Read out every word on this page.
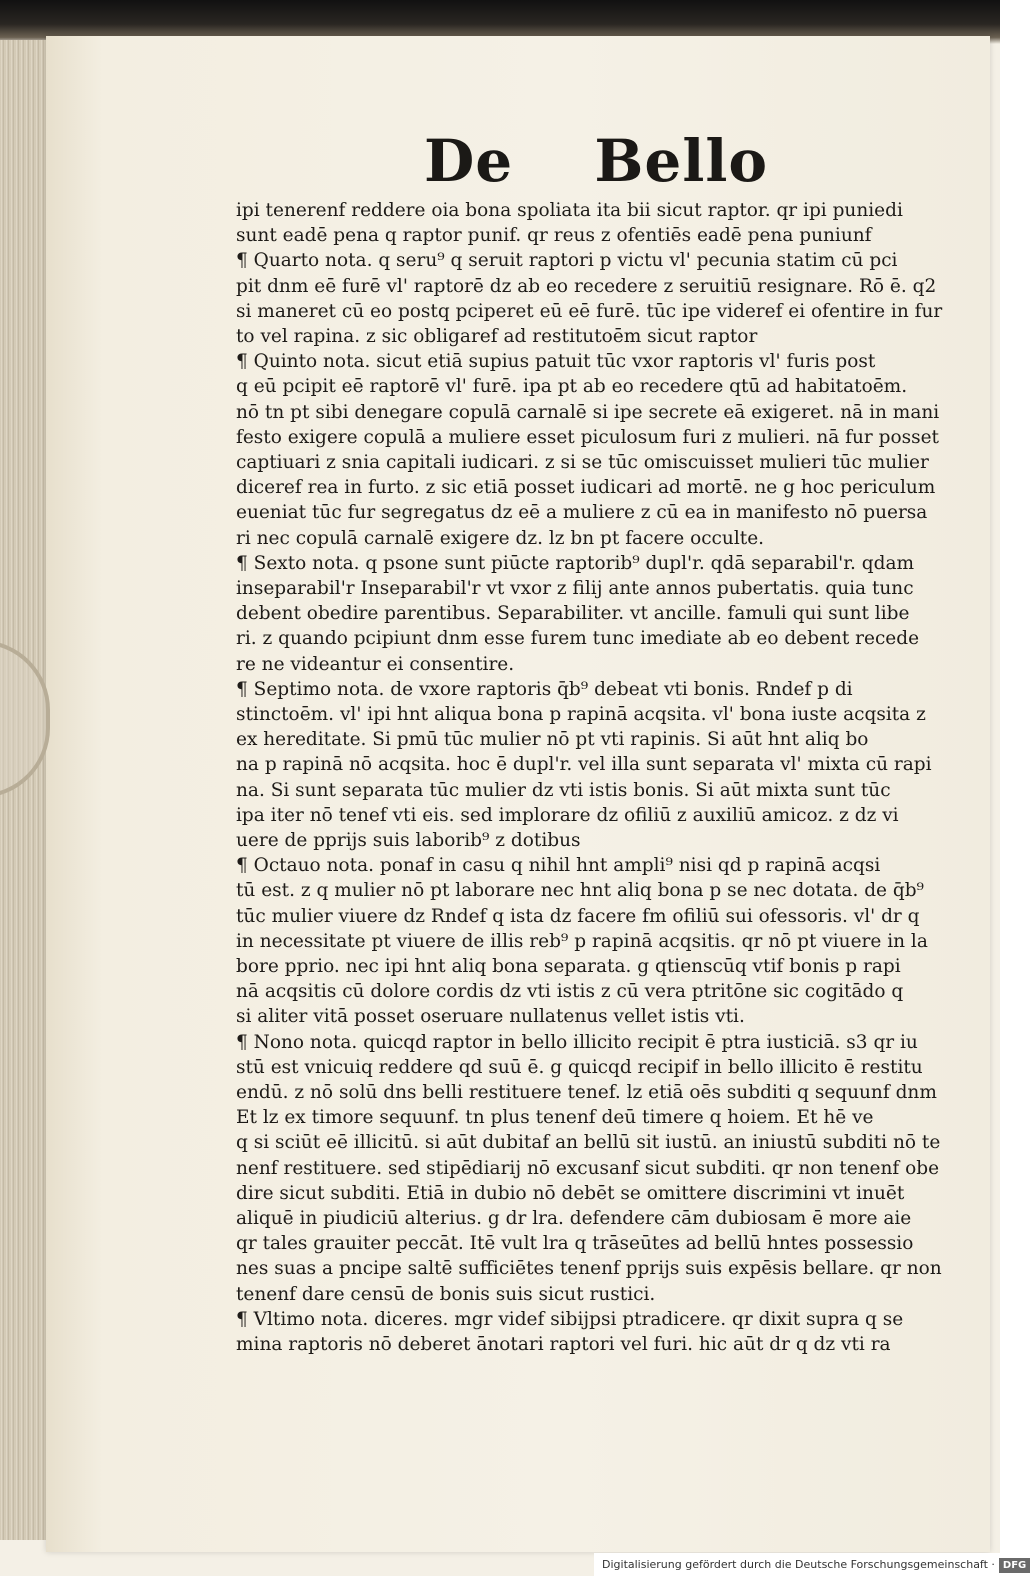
De Bello
ipi tenerenf reddere oia bona spoliata ita bii sicut raptor. qr ipi puniedi
sunt eadē pena q raptor punif. qr reus z ofentiēs eadē pena puniunf
¶ Quarto nota. q seru⁹ q seruit raptori p victu vl' pecunia statim cū pci
pit dnm eē furē vl' raptorē dz ab eo recedere z seruitiū resignare. Rō ē. q2
si maneret cū eo postq pciperet eū eē furē. tūc ipe videref ei ofentire in fur
to vel rapina. z sic obligaref ad restitutoēm sicut raptor
¶ Quinto nota. sicut etiā supius patuit tūc vxor raptoris vl' furis post
q eū pcipit eē raptorē vl' furē. ipa pt ab eo recedere qtū ad habitatoēm.
nō tn pt sibi denegare copulā carnalē si ipe secrete eā exigeret. nā in mani
festo exigere copulā a muliere esset piculosum furi z mulieri. nā fur posset
captiuari z snia capitali iudicari. z si se tūc omiscuisset mulieri tūc mulier
diceref rea in furto. z sic etiā posset iudicari ad mortē. ne g hoc periculum
eueniat tūc fur segregatus dz eē a muliere z cū ea in manifesto nō puersa
ri nec copulā carnalē exigere dz. lz bn pt facere occulte.
¶ Sexto nota. q psone sunt piūcte raptorib⁹ dupl'r. qdā separabil'r. qdam
inseparabil'r Inseparabil'r vt vxor z filij ante annos pubertatis. quia tunc
debent obedire parentibus. Separabiliter. vt ancille. famuli qui sunt libe
ri. z quando pcipiunt dnm esse furem tunc imediate ab eo debent recede
re ne videantur ei consentire.
¶ Septimo nota. de vxore raptoris q̄b⁹ debeat vti bonis. Rndef p di
stinctoēm. vl' ipi hnt aliqua bona p rapinā acqsita. vl' bona iuste acqsita z
ex hereditate. Si pmū tūc mulier nō pt vti rapinis. Si aūt hnt aliq bo
na p rapinā nō acqsita. hoc ē dupl'r. vel illa sunt separata vl' mixta cū rapi
na. Si sunt separata tūc mulier dz vti istis bonis. Si aūt mixta sunt tūc
ipa iter nō tenef vti eis. sed implorare dz ofiliū z auxiliū amicoz. z dz vi
uere de pprijs suis laborib⁹ z dotibus
¶ Octauo nota. ponaf in casu q nihil hnt ampli⁹ nisi qd p rapinā acqsi
tū est. z q mulier nō pt laborare nec hnt aliq bona p se nec dotata. de q̄b⁹
tūc mulier viuere dz Rndef q ista dz facere fm ofiliū sui ofessoris. vl' dr q
in necessitate pt viuere de illis reb⁹ p rapinā acqsitis. qr nō pt viuere in la
bore pprio. nec ipi hnt aliq bona separata. g qtienscūq vtif bonis p rapi
nā acqsitis cū dolore cordis dz vti istis z cū vera ptritōne sic cogitādo q
si aliter vitā posset oseruare nullatenus vellet istis vti.
¶ Nono nota. quicqd raptor in bello illicito recipit ē ptra iusticiā. s3 qr iu
stū est vnicuiq reddere qd suū ē. g quicqd recipif in bello illicito ē restitu
endū. z nō solū dns belli restituere tenef. lz etiā oēs subditi q sequunf dnm
Et lz ex timore sequunf. tn plus tenenf deū timere q hoiem. Et hē ve
q si sciūt eē illicitū. si aūt dubitaf an bellū sit iustū. an iniustū subditi nō te
nenf restituere. sed stipēdiarij nō excusanf sicut subditi. qr non tenenf obe
dire sicut subditi. Etiā in dubio nō debēt se omittere discrimini vt inuēt
aliquē in piudiciū alterius. g dr lra. defendere cām dubiosam ē more aie
qr tales grauiter peccāt. Itē vult lra q trāseūtes ad bellū hntes possessio
nes suas a pncipe saltē sufficiētes tenenf pprijs suis expēsis bellare. qr non
tenenf dare censū de bonis suis sicut rustici.
¶ Vltimo nota. diceres. mgr videf sibijpsi ptradicere. qr dixit supra q se
mina raptoris nō deberet ānotari raptori vel furi. hic aūt dr q dz vti ra
Digitalisierung gefördert durch die Deutsche Forschungsgemeinschaft · DFG
